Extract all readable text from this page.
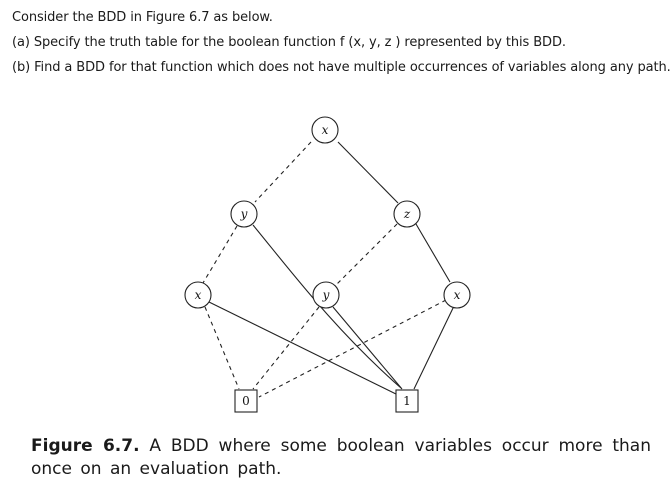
Consider the BDD in Figure 6.7 as below.
(a) Specify the truth table for the boolean function f (x, y, z ) represented by this BDD.
(b) Find a BDD for that function which does not have multiple occurrences of variables along any path.
x
y	z
x	y	x
0	1
Figure 6.7. A BDD where some boolean variables occur more than once on an evaluation path.
